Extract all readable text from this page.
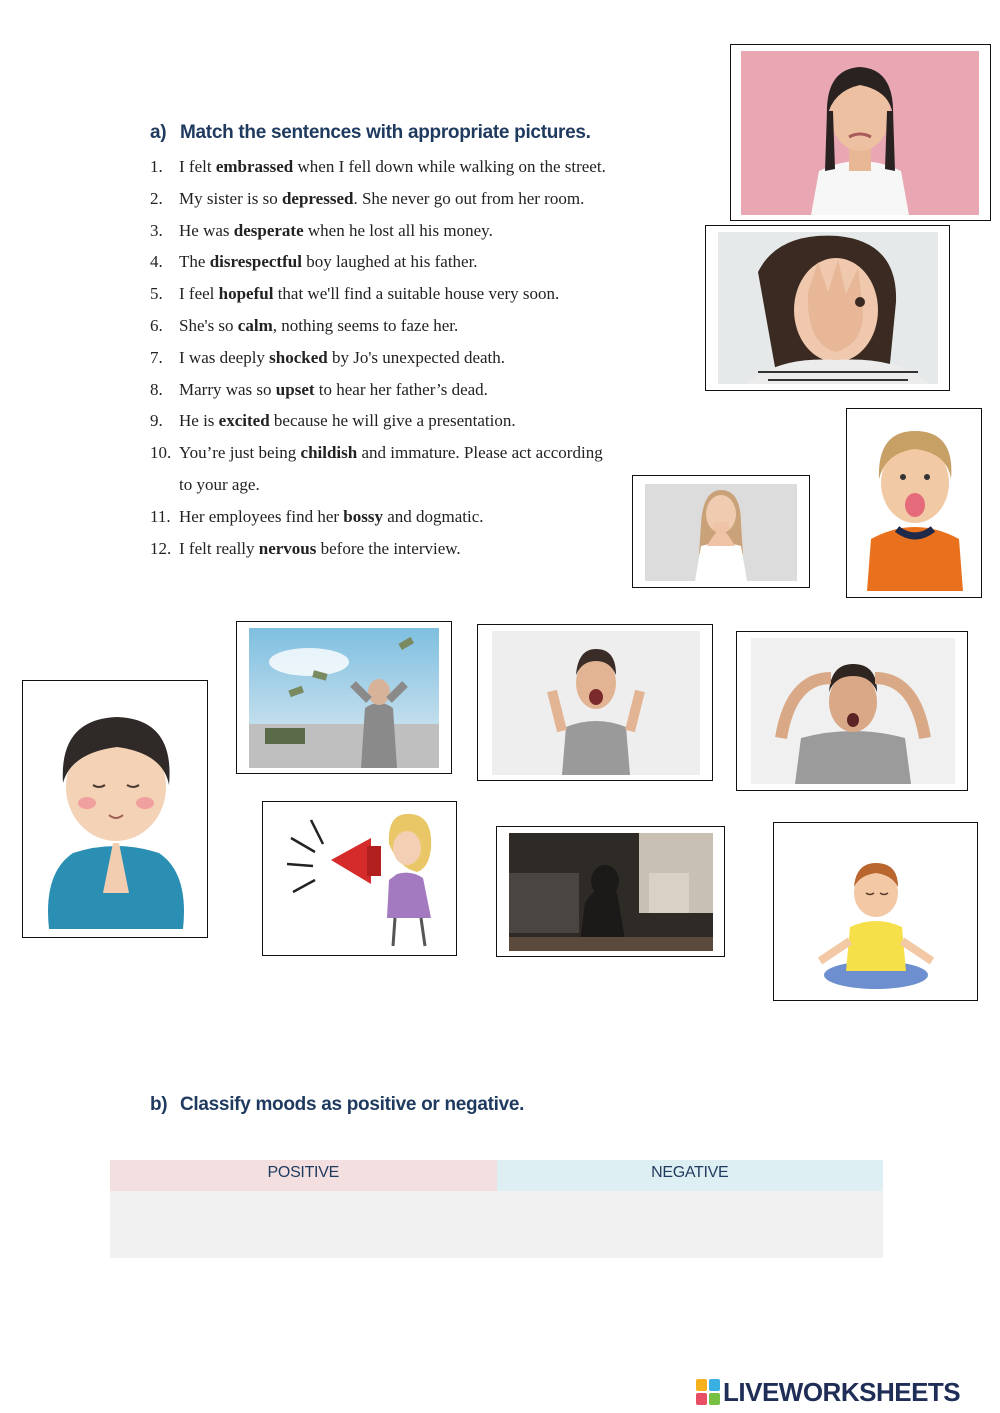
a) Match the sentences with appropriate pictures.
1. I felt embrassed when I fell down while walking on the street.
2. My sister is so depressed. She never go out from her room.
3. He was desperate when he lost all his money.
4. The disrespectful boy laughed at his father.
5. I feel hopeful that we'll find a suitable house very soon.
6. She's so calm, nothing seems to faze her.
7. I was deeply shocked by Jo's unexpected death.
8. Marry was so upset to hear her father’s dead.
9. He is excited because he will give a presentation.
10. You’re just being childish and immature. Please act according to your age.
11. Her employees find her bossy and dogmatic.
12. I felt really nervous before the interview.
b) Classify moods as positive or negative.
POSITIVE	NEGATIVE
LIVEWORKSHEETS
